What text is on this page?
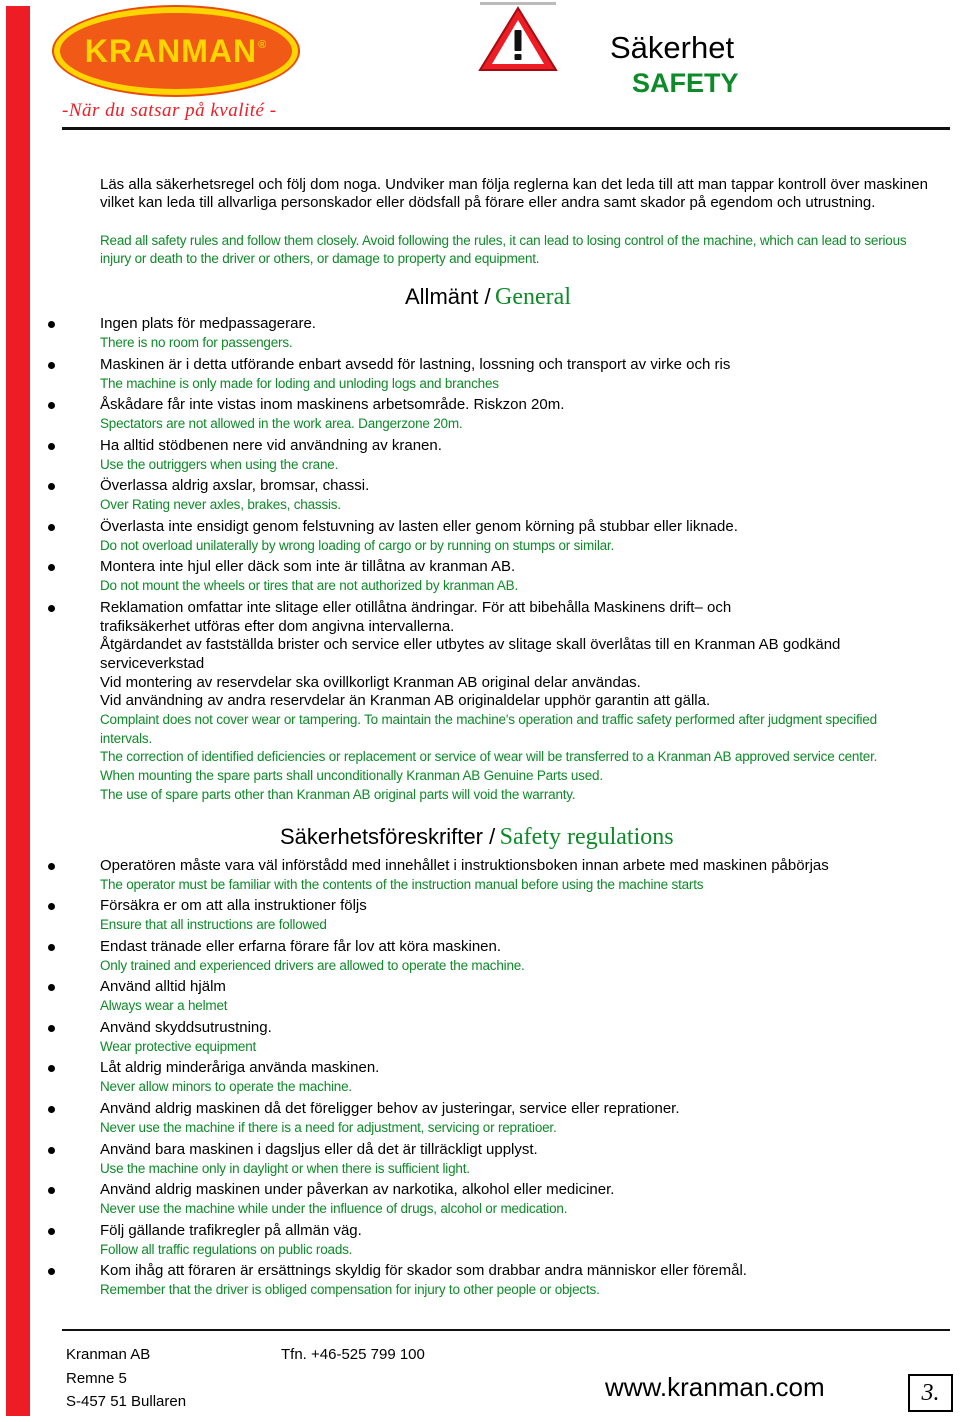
KRANMAN®
-När du satsar på kvalité -
Säkerhet
SAFETY
Läs alla säkerhetsregel och följ dom noga. Undviker man följa reglerna kan det leda till att man tappar kontroll över maskinen vilket kan leda till allvarliga personskador eller dödsfall på förare eller andra samt skador på egendom och utrustning.
Read all safety rules and follow them closely. Avoid following the rules, it can lead to losing control of the machine, which can lead to serious injury or death to the driver or others, or damage to property and equipment.
Allmänt / General
Ingen plats för medpassagerare.
There is no room for passengers.
Maskinen är i detta utförande enbart avsedd för lastning, lossning och transport av virke och ris
The machine is only made for loding and unloding logs and branches
Åskådare får inte vistas inom maskinens arbetsområde. Riskzon 20m.
Spectators are not allowed in the work area. Dangerzone 20m.
Ha alltid stödbenen nere vid användning av kranen.
Use the outriggers when using the crane.
Överlassa aldrig axslar, bromsar, chassi.
Over Rating never axles, brakes, chassis.
Överlasta inte ensidigt genom felstuvning av lasten eller genom körning på stubbar eller liknade.
Do not overload unilaterally by wrong loading of cargo or by running on stumps or similar.
Montera inte hjul eller däck som inte är tillåtna av kranman AB.
Do not mount the wheels or tires that are not authorized by kranman AB.
Reklamation omfattar inte slitage eller otillåtna ändringar. För att bibehålla Maskinens drift– och
trafiksäkerhet utföras efter dom angivna intervallerna.
Åtgärdandet av fastställda brister och service eller utbytes av slitage skall överlåtas till en Kranman AB godkänd
serviceverkstad
Vid montering av reservdelar ska ovillkorligt Kranman AB original delar användas.
Vid användning av andra reservdelar än Kranman AB originaldelar upphör garantin att gälla.
Complaint does not cover wear or tampering. To maintain the machine's operation and traffic safety performed after judgment specified
intervals.
The correction of identified deficiencies or replacement or service of wear will be transferred to a Kranman AB approved service center.
When mounting the spare parts shall unconditionally Kranman AB Genuine Parts used.
The use of spare parts other than Kranman AB original parts will void the warranty.
Säkerhetsföreskrifter / Safety regulations
Operatören måste vara väl införstådd med innehållet i instruktionsboken innan arbete med maskinen påbörjas
The operator must be familiar with the contents of the instruction manual before using the machine starts
Försäkra er om att alla instruktioner följs
Ensure that all instructions are followed
Endast tränade eller erfarna förare får lov att köra maskinen.
Only trained and experienced drivers are allowed to operate the machine.
Använd alltid hjälm
Always wear a helmet
Använd skyddsutrustning.
Wear protective equipment
Låt aldrig minderåriga använda maskinen.
Never allow minors to operate the machine.
Använd aldrig maskinen då det föreligger behov av justeringar, service eller reprationer.
Never use the machine if there is a need for adjustment, servicing or repratioer.
Använd bara maskinen i dagsljus eller då det är tillräckligt upplyst.
Use the machine only in daylight or when there is sufficient light.
Använd aldrig maskinen under påverkan av narkotika, alkohol eller mediciner.
Never use the machine while under the influence of drugs, alcohol or medication.
Följ gällande trafikregler på allmän väg.
Follow all traffic regulations on public roads.
Kom ihåg att föraren är ersättnings skyldig för skador som drabbar andra människor eller föremål.
Remember that the driver is obliged compensation for injury to other people or objects.
Kranman AB
Remne 5
S-457 51 Bullaren
Tfn. +46-525 799 100
www.kranman.com	3.
